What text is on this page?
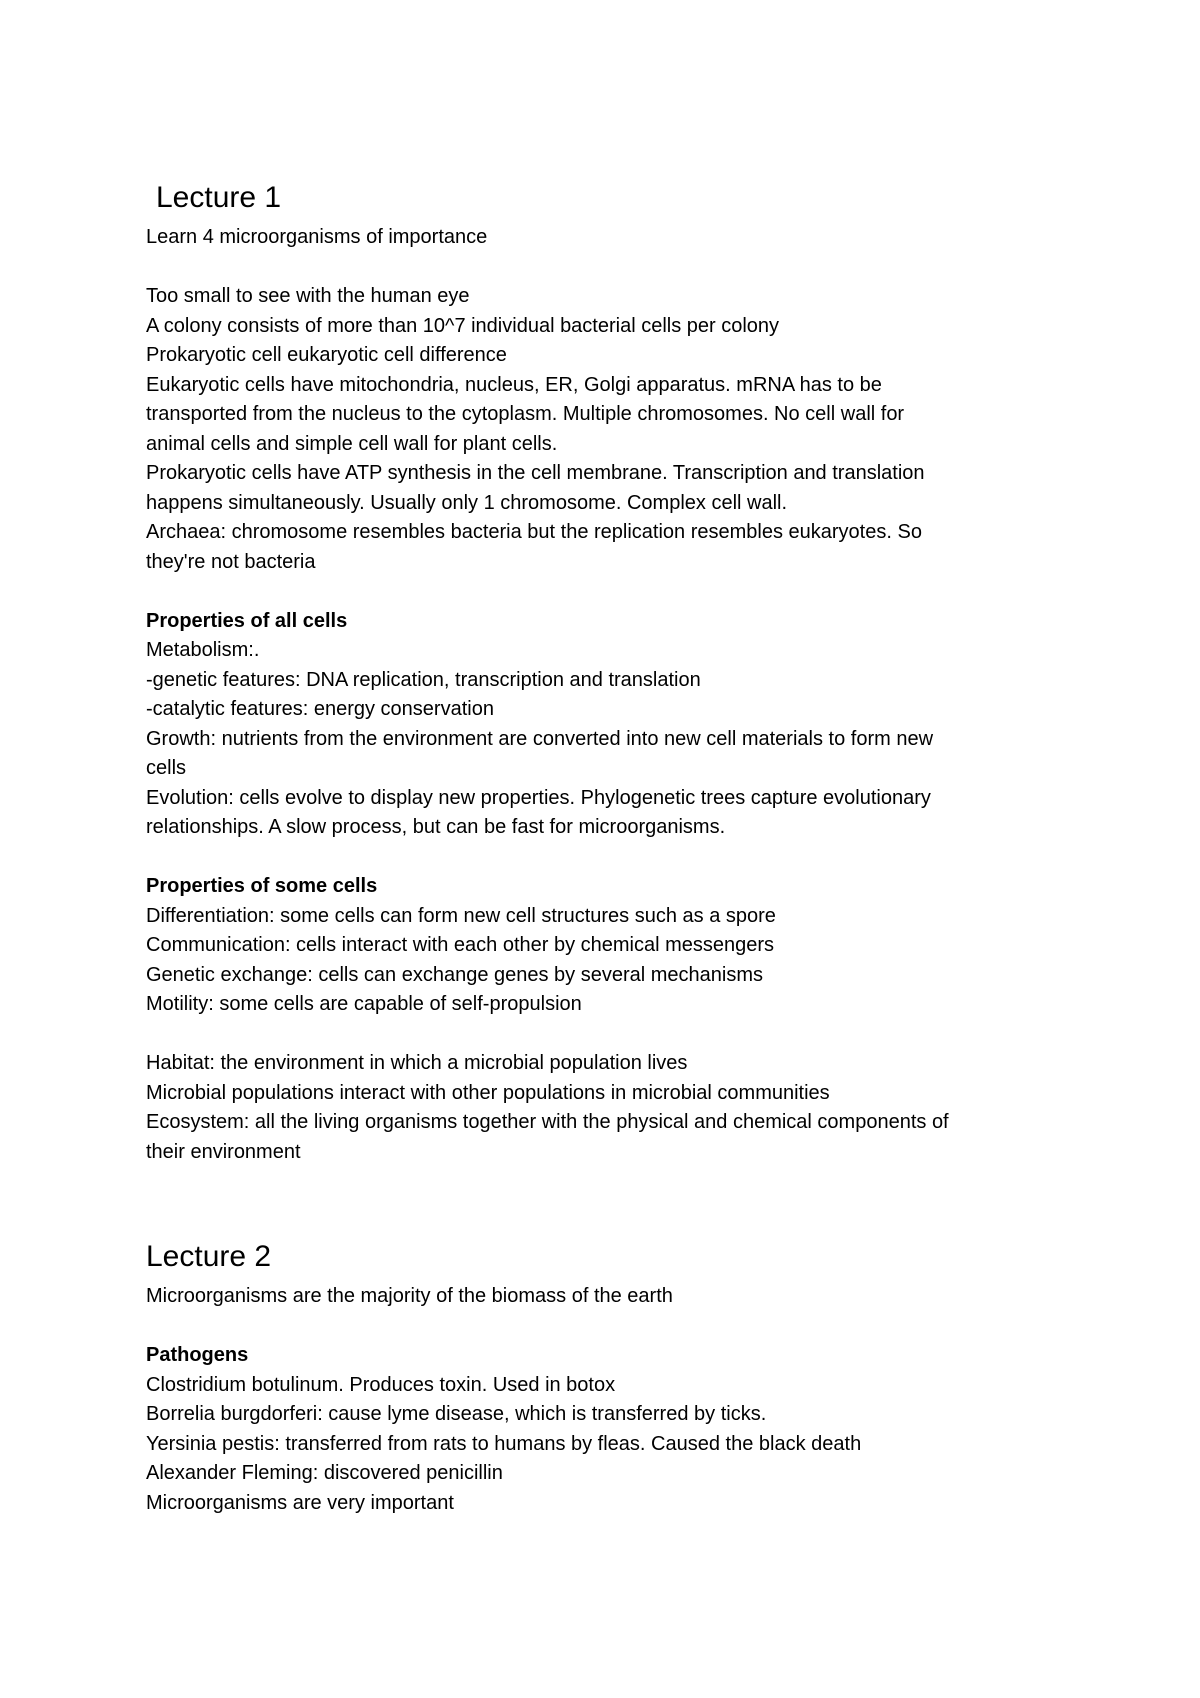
Lecture 1

Learn 4 microorganisms of importance

Too small to see with the human eye

A colony consists of more than 10^7 individual bacterial cells per colony

Prokaryotic cell eukaryotic cell difference

Eukaryotic cells have mitochondria, nucleus, ER, Golgi apparatus. mRNA has to be

transported from the nucleus to the cytoplasm. Multiple chromosomes. No cell wall for

animal cells and simple cell wall for plant cells.

Prokaryotic cells have ATP synthesis in the cell membrane. Transcription and translation

happens simultaneously. Usually only 1 chromosome. Complex cell wall.

Archaea: chromosome resembles bacteria but the replication resembles eukaryotes. So

they're not bacteria

Properties of all cells

Metabolism:.

-genetic features: DNA replication, transcription and translation

-catalytic features: energy conservation

Growth: nutrients from the environment are converted into new cell materials to form new

cells

Evolution: cells evolve to display new properties. Phylogenetic trees capture evolutionary

relationships. A slow process, but can be fast for microorganisms.

Properties of some cells

Differentiation: some cells can form new cell structures such as a spore

Communication: cells interact with each other by chemical messengers

Genetic exchange: cells can exchange genes by several mechanisms

Motility: some cells are capable of self-propulsion

Habitat: the environment in which a microbial population lives

Microbial populations interact with other populations in microbial communities

Ecosystem: all the living organisms together with the physical and chemical components of

their environment

Lecture 2

Microorganisms are the majority of the biomass of the earth

Pathogens

Clostridium botulinum. Produces toxin. Used in botox

Borrelia burgdorferi: cause lyme disease, which is transferred by ticks.

Yersinia pestis: transferred from rats to humans by fleas. Caused the black death

Alexander Fleming: discovered penicillin

Microorganisms are very important
